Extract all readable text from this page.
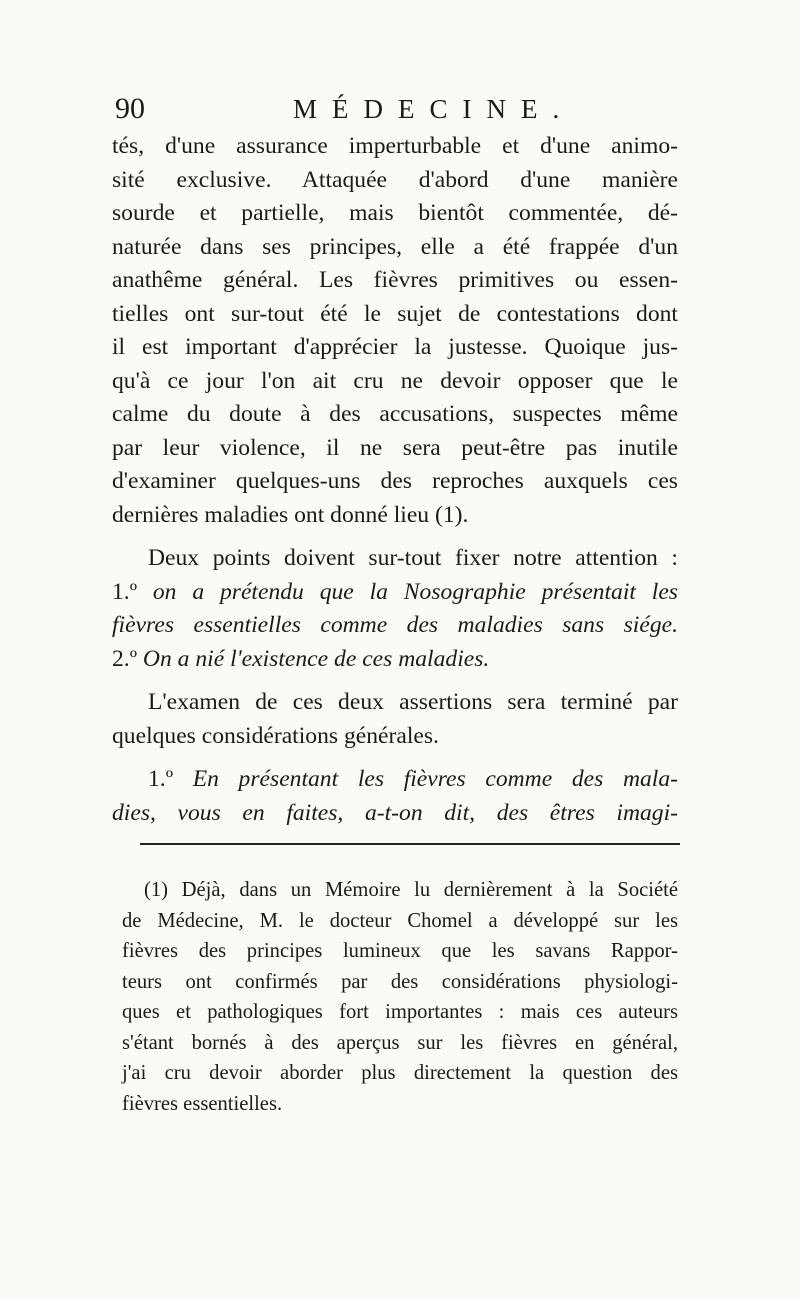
90	MÉDECINE.
tés, d'une assurance imperturbable et d'une animo-
sité exclusive. Attaquée d'abord d'une manière
sourde et partielle, mais bientôt commentée, dé-
naturée dans ses principes, elle a été frappée d'un
anathême général. Les fièvres primitives ou essen-
tielles ont sur-tout été le sujet de contestations dont
il est important d'apprécier la justesse. Quoique jus-
qu'à ce jour l'on ait cru ne devoir opposer que le
calme du doute à des accusations, suspectes même
par leur violence, il ne sera peut-être pas inutile
d'examiner quelques-uns des reproches auxquels ces
dernières maladies ont donné lieu (1).
Deux points doivent sur-tout fixer notre attention :
1.º on a prétendu que la Nosographie présentait les
fièvres essentielles comme des maladies sans siége.
2.º On a nié l'existence de ces maladies.
L'examen de ces deux assertions sera terminé par
quelques considérations générales.
1.º En présentant les fièvres comme des mala-
dies, vous en faites, a-t-on dit, des êtres imagi-
(1) Déjà, dans un Mémoire lu dernièrement à la Société
de Médecine, M. le docteur Chomel a développé sur les
fièvres des principes lumineux que les savans Rappor-
teurs ont confirmés par des considérations physiologi-
ques et pathologiques fort importantes : mais ces auteurs
s'étant bornés à des aperçus sur les fièvres en général,
j'ai cru devoir aborder plus directement la question des
fièvres essentielles.
